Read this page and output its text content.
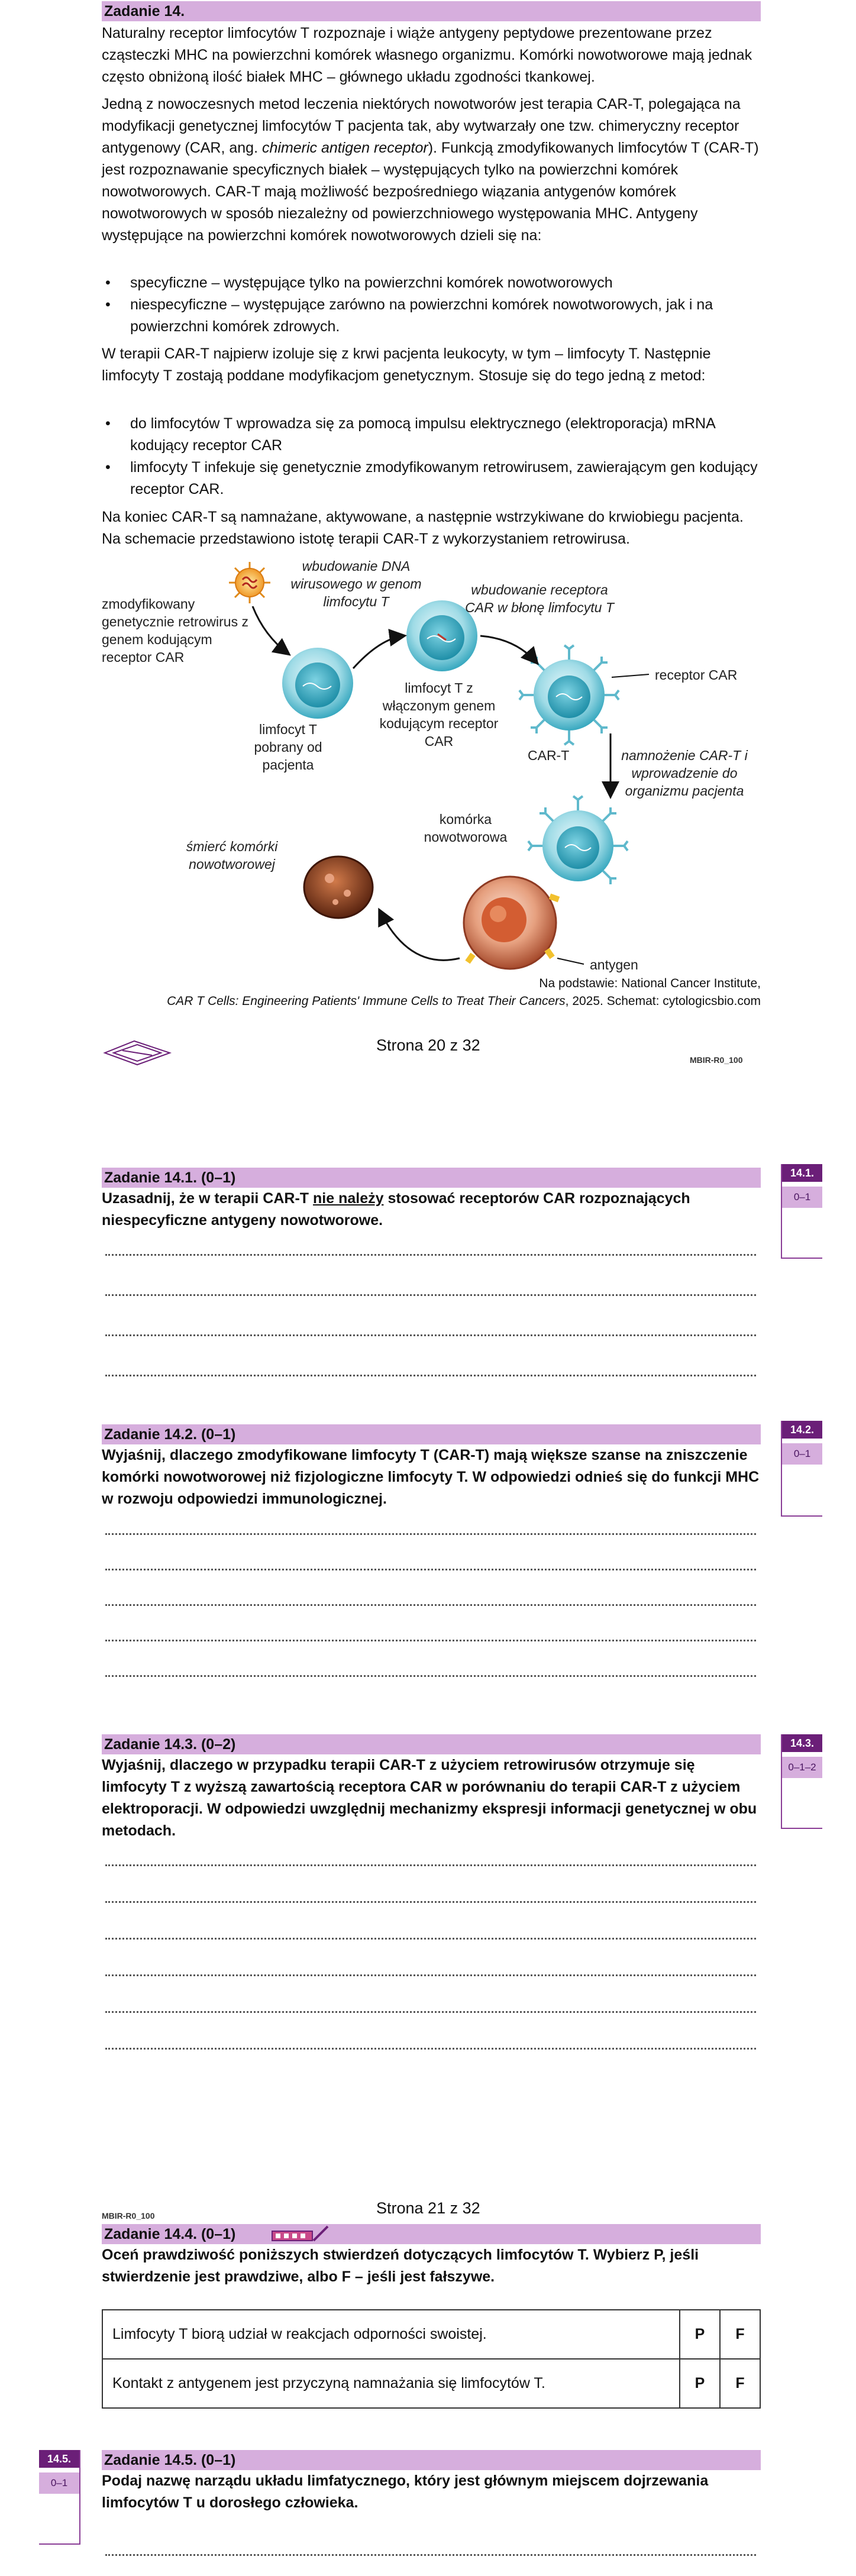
Zadanie 14.
Naturalny receptor limfocytów T rozpoznaje i wiąże antygeny peptydowe prezentowane przez cząsteczki MHC na powierzchni komórek własnego organizmu. Komórki nowotworowe mają jednak często obniżoną ilość białek MHC – głównego układu zgodności tkankowej.
Jedną z nowoczesnych metod leczenia niektórych nowotworów jest terapia CAR-T, polegająca na modyfikacji genetycznej limfocytów T pacjenta tak, aby wytwarzały one tzw. chimeryczny receptor antygenowy (CAR, ang. chimeric antigen receptor). Funkcją zmodyfikowanych limfocytów T (CAR-T) jest rozpoznawanie specyficznych białek – występujących tylko na powierzchni komórek nowotworowych. CAR-T mają możliwość bezpośredniego wiązania antygenów komórek nowotworowych w sposób niezależny od powierzchniowego występowania MHC. Antygeny występujące na powierzchni komórek nowotworowych dzieli się na:
• specyficzne – występujące tylko na powierzchni komórek nowotworowych
• niespecyficzne – występujące zarówno na powierzchni komórek nowotworowych, jak i na powierzchni komórek zdrowych.
W terapii CAR-T najpierw izoluje się z krwi pacjenta leukocyty, w tym – limfocyty T. Następnie limfocyty T zostają poddane modyfikacjom genetycznym. Stosuje się do tego jedną z metod:
• do limfocytów T wprowadza się za pomocą impulsu elektrycznego (elektroporacja) mRNA kodujący receptor CAR
• limfocyty T infekuje się genetycznie zmodyfikowanym retrowirusem, zawierającym gen kodujący receptor CAR.
Na koniec CAR-T są namnażane, aktywowane, a następnie wstrzykiwane do krwiobiegu pacjenta. Na schemacie przedstawiono istotę terapii CAR-T z wykorzystaniem retrowirusa.
zmodyfikowany genetycznie retrowirus z genem kodującym receptor CAR
wbudowanie DNA wirusowego w genom limfocytu T
limfocyt T pobrany od pacjenta
limfocyt T z włączonym genem kodującym receptor CAR
wbudowanie receptora CAR w błonę limfocytu T
receptor CAR
CAR-T	namnożenie CAR-T i wprowadzenie do organizmu pacjenta
komórka nowotworowa
antygen
śmierć komórki nowotworowej
Na podstawie: National Cancer Institute,
CAR T Cells: Engineering Patients' Immune Cells to Treat Their Cancers, 2025. Schemat: cytologicsbio.com
Strona 20 z 32
MBIR-R0_100
Zadanie 14.1. (0–1)
Uzasadnij, że w terapii CAR-T nie należy stosować receptorów CAR rozpoznających niespecyficzne antygeny nowotworowe.
14.1.
0–1
Zadanie 14.2. (0–1)
Wyjaśnij, dlaczego zmodyfikowane limfocyty T (CAR-T) mają większe szanse na zniszczenie komórki nowotworowej niż fizjologiczne limfocyty T. W odpowiedzi odnieś się do funkcji MHC w rozwoju odpowiedzi immunologicznej.
14.2.
0–1
Zadanie 14.3. (0–2)
Wyjaśnij, dlaczego w przypadku terapii CAR-T z użyciem retrowirusów otrzymuje się limfocyty T z wyższą zawartością receptora CAR w porównaniu do terapii CAR-T z użyciem elektroporacji. W odpowiedzi uwzględnij mechanizmy ekspresji informacji genetycznej w obu metodach.
14.3.
0–1–2
Strona 21 z 32
MBIR-R0_100
Zadanie 14.4. (0–1)
Oceń prawdziwość poniższych stwierdzeń dotyczących limfocytów T. Wybierz P, jeśli stwierdzenie jest prawdziwe, albo F – jeśli jest fałszywe.
Limfocyty T biorą udział w reakcjach odporności swoistej.	P	F
Kontakt z antygenem jest przyczyną namnażania się limfocytów T.	P	F
Zadanie 14.5. (0–1)
Podaj nazwę narządu układu limfatycznego, który jest głównym miejscem dojrzewania limfocytów T u dorosłego człowieka.
14.5.
0–1
